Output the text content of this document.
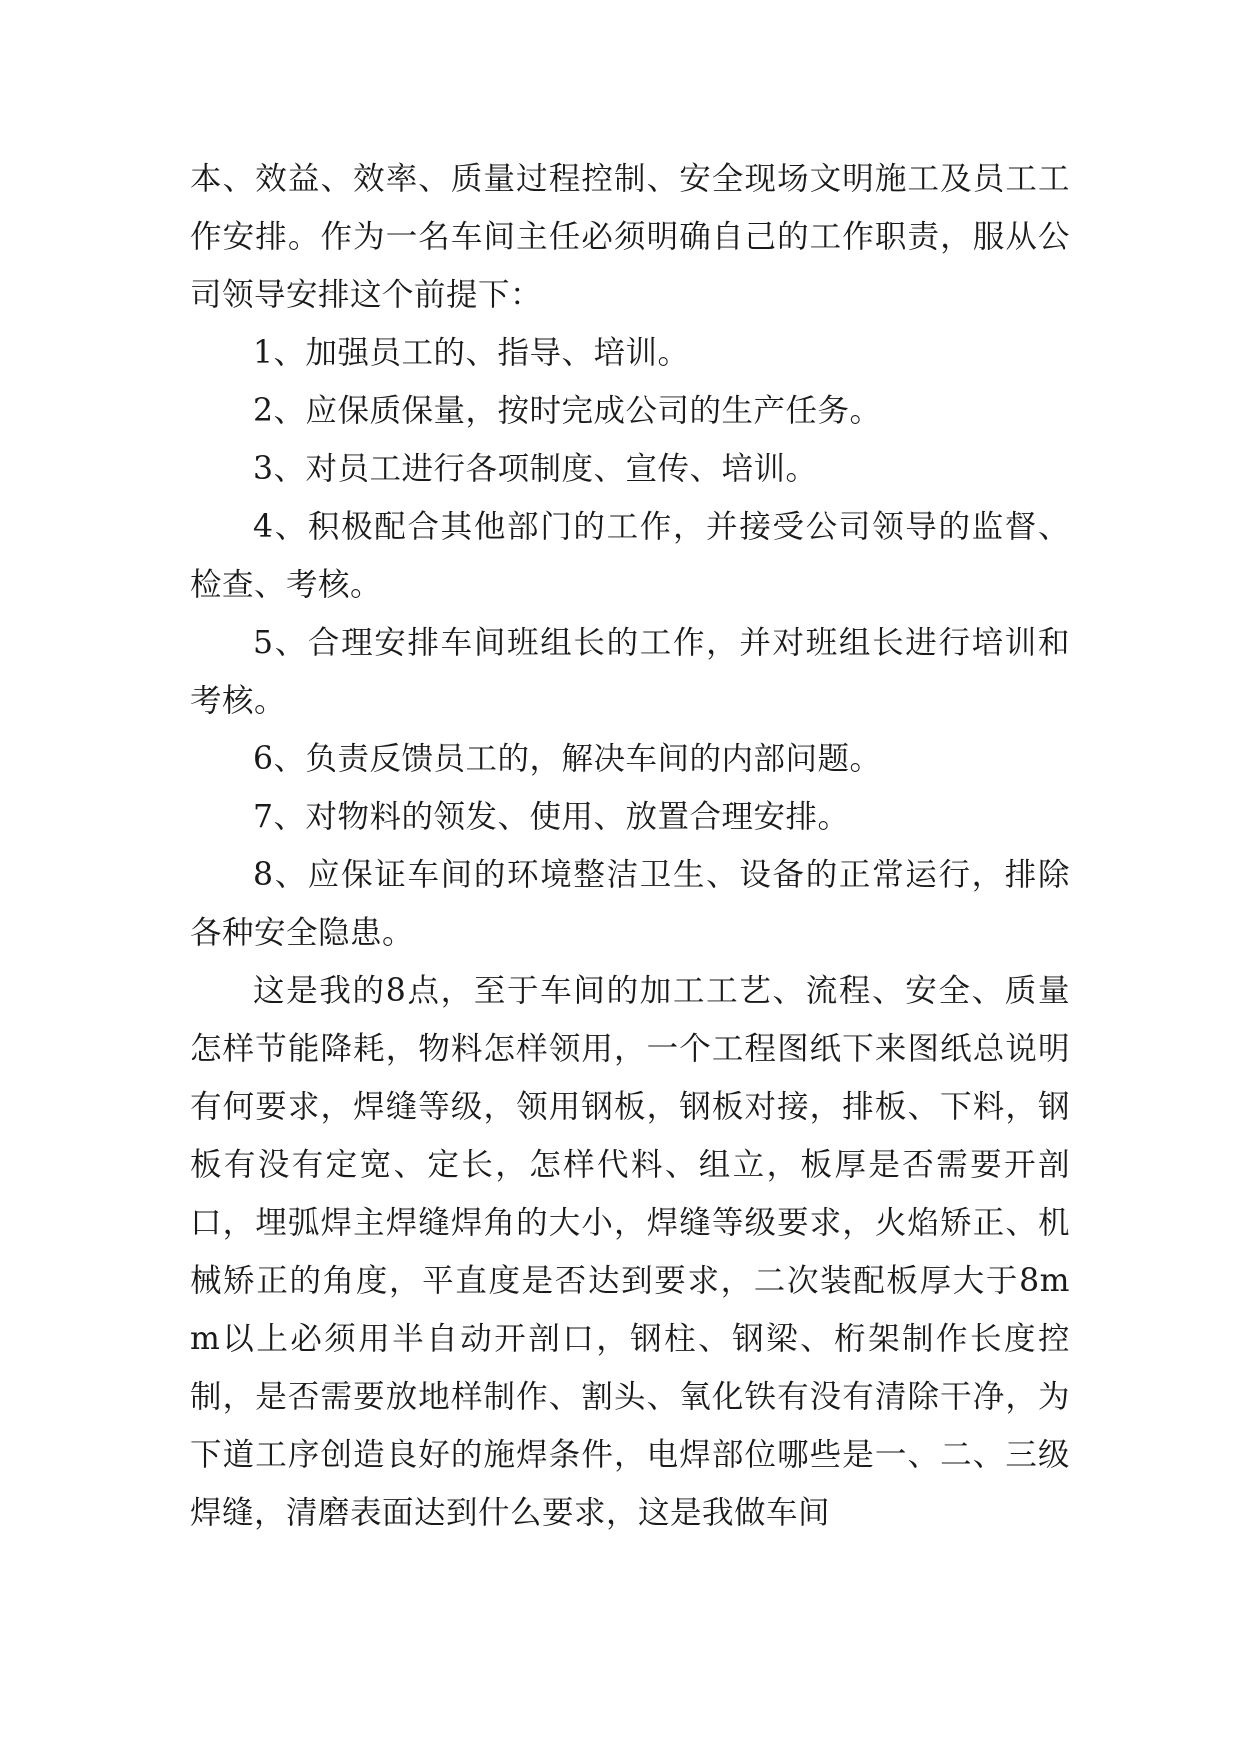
本、效益、效率、质量过程控制、安全现场文明施工及员工工作安排。作为一名车间主任必须明确自己的工作职责，服从公司领导安排这个前提下：

1、加强员工的、指导、培训。

2、应保质保量，按时完成公司的生产任务。

3、对员工进行各项制度、宣传、培训。

4、积极配合其他部门的工作，并接受公司领导的监督、检查、考核。

5、合理安排车间班组长的工作，并对班组长进行培训和考核。

6、负责反馈员工的，解决车间的内部问题。

7、对物料的领发、使用、放置合理安排。

8、应保证车间的环境整洁卫生、设备的正常运行，排除各种安全隐患。

这是我的8点，至于车间的加工工艺、流程、安全、质量怎样节能降耗，物料怎样领用，一个工程图纸下来图纸总说明有何要求，焊缝等级，领用钢板，钢板对接，排板、下料，钢板有没有定宽、定长，怎样代料、组立，板厚是否需要开剖口，埋弧焊主焊缝焊角的大小，焊缝等级要求，火焰矫正、机械矫正的角度，平直度是否达到要求，二次装配板厚大于8mm以上必须用半自动开剖口，钢柱、钢梁、桁架制作长度控制，是否需要放地样制作、割头、氧化铁有没有清除干净，为下道工序创造良好的施焊条件，电焊部位哪些是一、二、三级焊缝，清磨表面达到什么要求，这是我做车间
